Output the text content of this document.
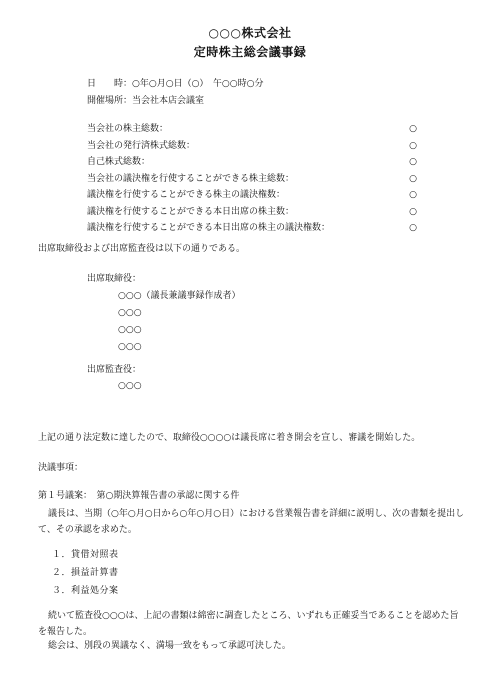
○○○株式会社
定時株主総会議事録
日　　時：○年○月○日（○）　午○○時○分
開催場所：当会社本店会議室
当会社の株主総数：	○
当会社の発行済株式総数：	○
自己株式総数：	○
当会社の議決権を行使することができる株主総数：	○
議決権を行使することができる株主の議決権数：	○
議決権を行使することができる本日出席の株主数：	○
議決権を行使することができる本日出席の株主の議決権数：	○
出席取締役および出席監査役は以下の通りである。
出席取締役：
○○○（議長兼議事録作成者）
○○○
○○○
○○○
出席監査役：
○○○
上記の通り法定数に達したので、取締役○○○○は議長席に着き開会を宣し、審議を開始した。
決議事項：
第１号議案：　第○期決算報告書の承認に関する件
議長は、当期（○年○月○日から○年○月○日）における営業報告書を詳細に説明し、次の書類を提出して、その承認を求めた。
１．貸借対照表
２．損益計算書
３．利益処分案
続いて監査役○○○は、上記の書類は綿密に調査したところ、いずれも正確妥当であることを認めた旨を報告した。
総会は、別段の異議なく、満場一致をもって承認可決した。
